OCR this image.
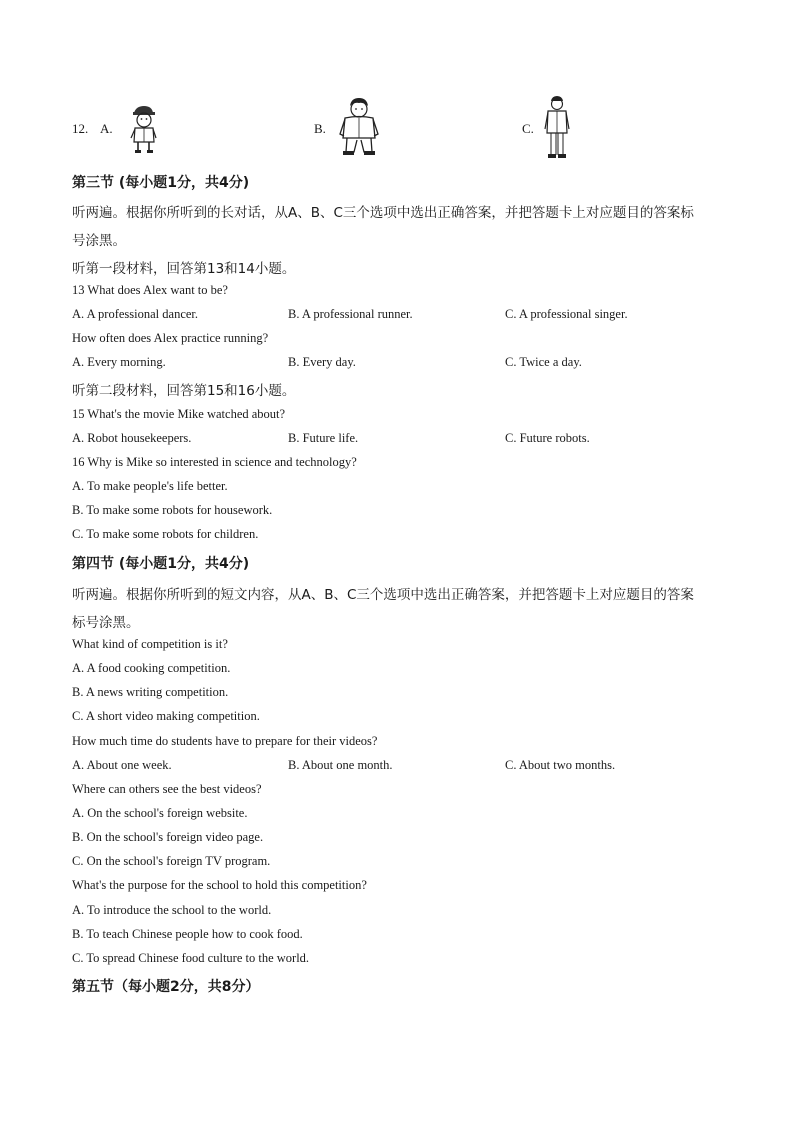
12. A.	B.	C.
第三节 (每小题1分，共4分)
听两遍。根据你所听到的长对话，从A、B、C三个选项中选出正确答案，并把答题卡上对应题目的答案标
号涂黑。
听第一段材料，回答第13和14小题。
13 What does Alex want to be?
A. A professional dancer.	B. A professional runner.	C. A professional singer.
How often does Alex practice running?
A. Every morning.	B. Every day.	C. Twice a day.
听第二段材料，回答第15和16小题。
15 What's the movie Mike watched about?
A. Robot housekeepers.	B. Future life.	C. Future robots.
16 Why is Mike so interested in science and technology?
A. To make people's life better.
B. To make some robots for housework.
C. To make some robots for children.
第四节 (每小题1分，共4分)
听两遍。根据你所听到的短文内容，从A、B、C三个选项中选出正确答案，并把答题卡上对应题目的答案
标号涂黑。
What kind of competition is it?
A. A food cooking competition.
B. A news writing competition.
C. A short video making competition.
How much time do students have to prepare for their videos?
A. About one week.	B. About one month.	C. About two months.
Where can others see the best videos?
A. On the school's foreign website.
B. On the school's foreign video page.
C. On the school's foreign TV program.
What's the purpose for the school to hold this competition?
A. To introduce the school to the world.
B. To teach Chinese people how to cook food.
C. To spread Chinese food culture to the world.
第五节（每小题2分，共8分）
